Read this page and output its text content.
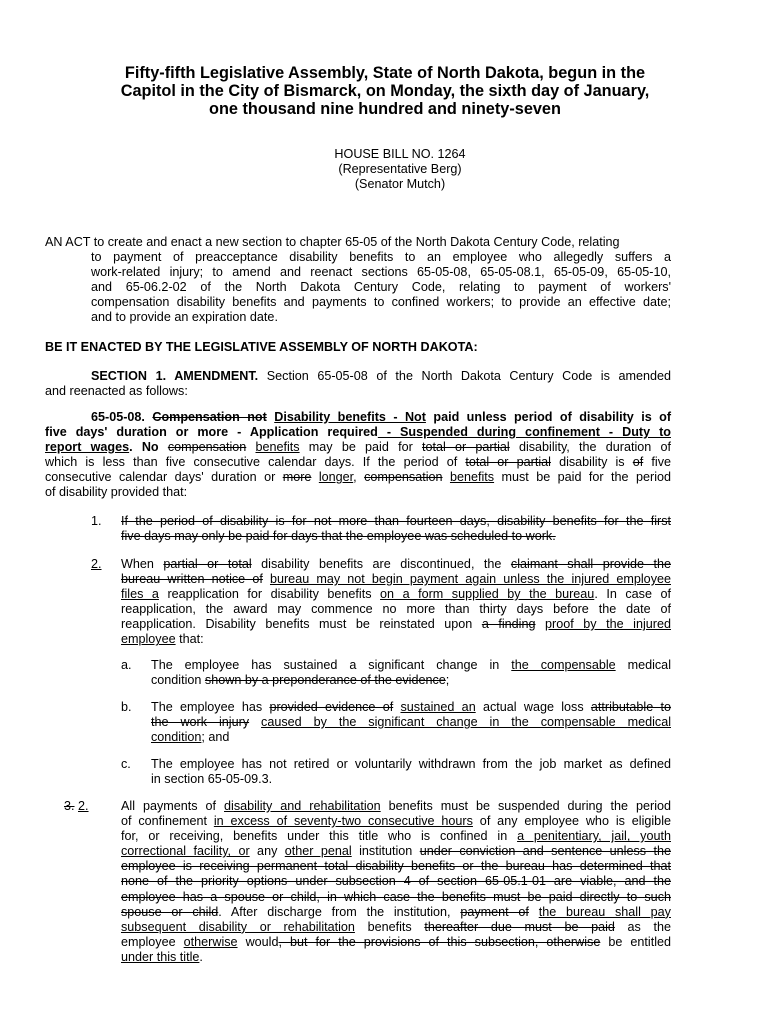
Fifty-fifth Legislative Assembly, State of North Dakota, begun in the
Capitol in the City of Bismarck, on Monday, the sixth day of January,
one thousand nine hundred and ninety-seven
HOUSE BILL NO. 1264
(Representative Berg)
(Senator Mutch)
AN ACT to create and enact a new section to chapter 65-05 of the North Dakota Century Code, relating
to payment of preacceptance disability benefits to an employee who allegedly suffers a
work-related injury; to amend and reenact sections 65-05-08, 65-05-08.1, 65-05-09, 65-05-10,
and 65-06.2-02 of the North Dakota Century Code, relating to payment of workers'
compensation disability benefits and payments to confined workers; to provide an effective date;
and to provide an expiration date.
BE IT ENACTED BY THE LEGISLATIVE ASSEMBLY OF NORTH DAKOTA:
SECTION 1. AMENDMENT. Section 65-05-08 of the North Dakota Century Code is amended
and reenacted as follows:
65-05-08. Compensation not Disability benefits - Not paid unless period of disability is of
five days' duration or more - Application required - Suspended during confinement - Duty to
report wages. No compensation benefits may be paid for total or partial disability, the duration of
which is less than five consecutive calendar days. If the period of total or partial disability is of five
consecutive calendar days' duration or more longer, compensation benefits must be paid for the period
of disability provided that:
1. If the period of disability is for not more than fourteen days, disability benefits for the first
five days may only be paid for days that the employee was scheduled to work.
2. When partial or total disability benefits are discontinued, the claimant shall provide the
bureau written notice of bureau may not begin payment again unless the injured employee
files a reapplication for disability benefits on a form supplied by the bureau. In case of
reapplication, the award may commence no more than thirty days before the date of
reapplication. Disability benefits must be reinstated upon a finding proof by the injured
employee that:
a. The employee has sustained a significant change in the compensable medical
condition shown by a preponderance of the evidence;
b. The employee has provided evidence of sustained an actual wage loss attributable to
the work injury caused by the significant change in the compensable medical
condition; and
c. The employee has not retired or voluntarily withdrawn from the job market as defined
in section 65-05-09.3.
3. 2.	All payments of disability and rehabilitation benefits must be suspended during the period
of confinement in excess of seventy-two consecutive hours of any employee who is eligible
for, or receiving, benefits under this title who is confined in a penitentiary, jail, youth
correctional facility, or any other penal institution under conviction and sentence unless the
employee is receiving permanent total disability benefits or the bureau has determined that
none of the priority options under subsection 4 of section 65-05.1-01 are viable, and the
employee has a spouse or child, in which case the benefits must be paid directly to such
spouse or child. After discharge from the institution, payment of the bureau shall pay
subsequent disability or rehabilitation benefits thereafter due must be paid as the
employee otherwise would, but for the provisions of this subsection, otherwise be entitled
under this title.
